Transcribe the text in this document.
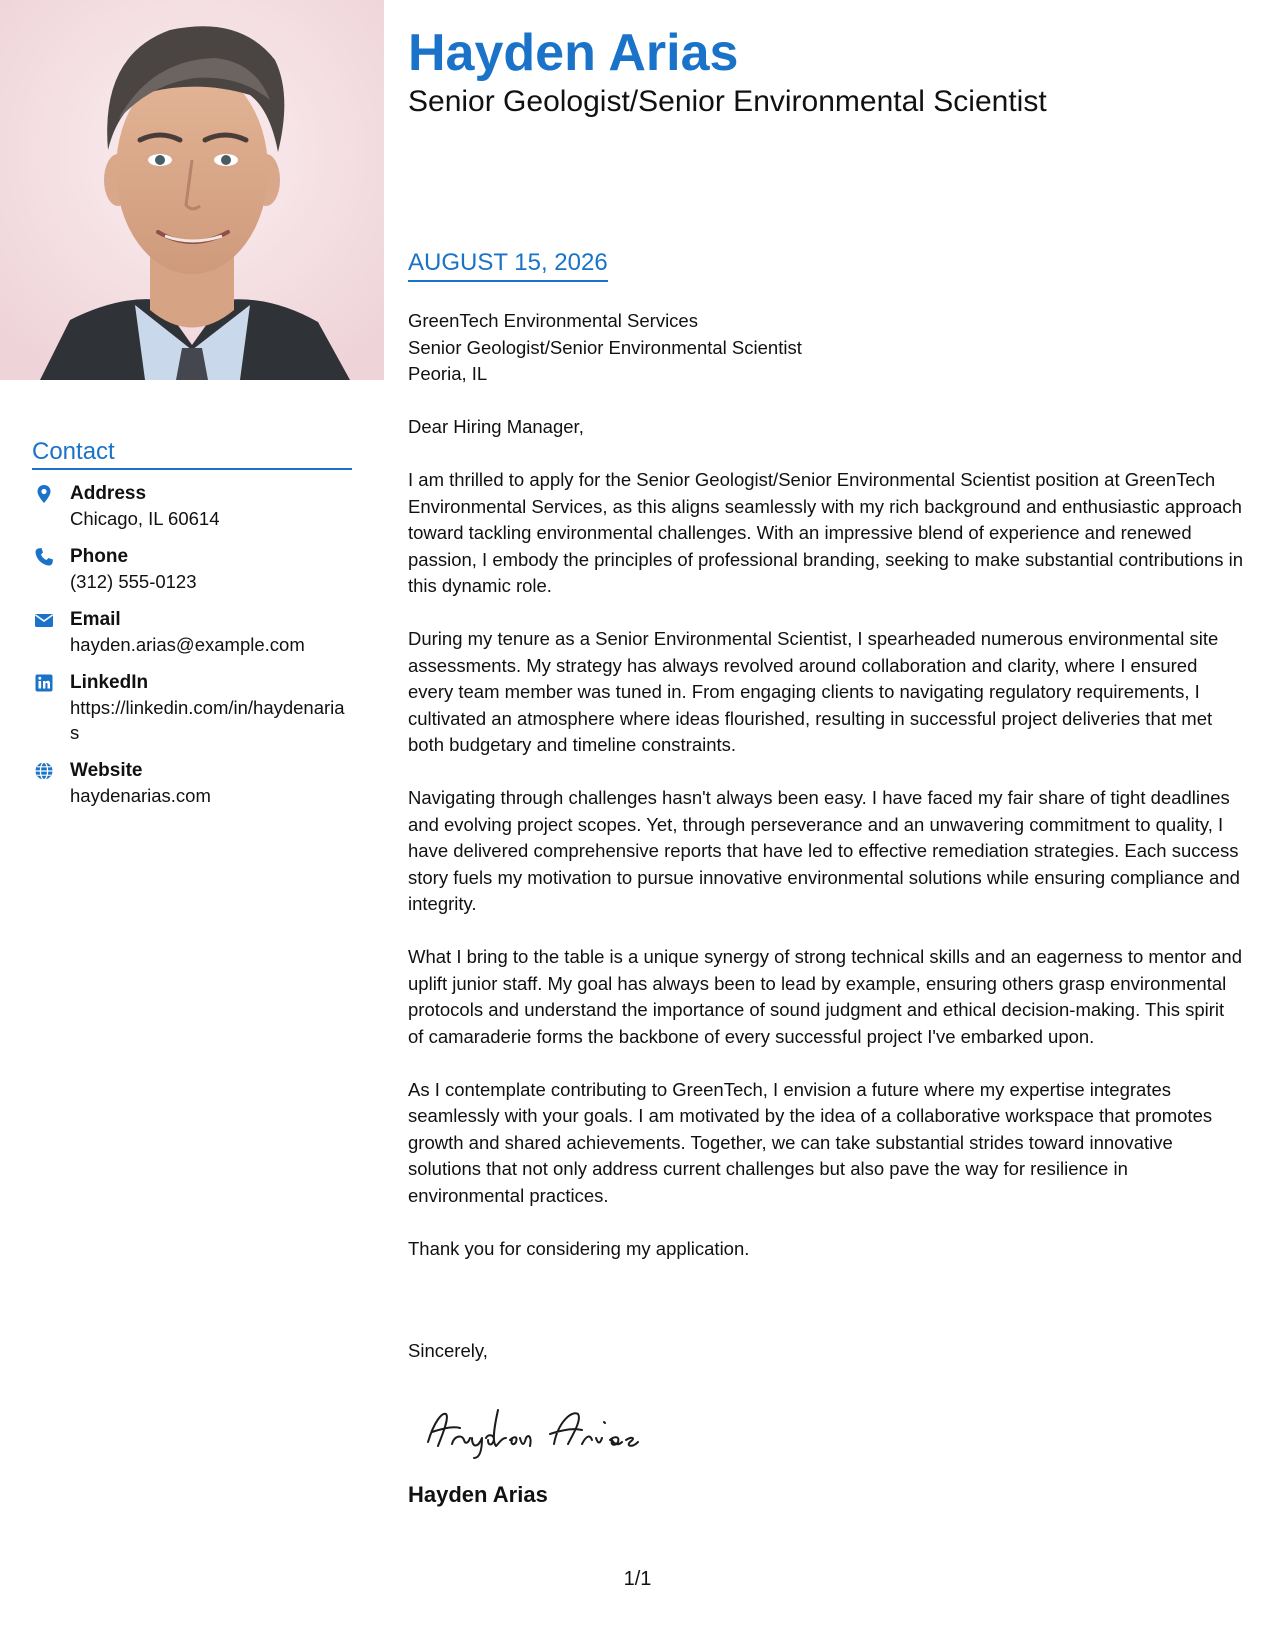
Contact
Address
Chicago, IL 60614
Phone
(312) 555-0123
Email
hayden.arias@example.com
LinkedIn
https://linkedin.com/in/haydenarias
Website
haydenarias.com
Hayden Arias
Senior Geologist/Senior Environmental Scientist
AUGUST 15, 2026
GreenTech Environmental Services
Senior Geologist/Senior Environmental Scientist
Peoria, IL

Dear Hiring Manager,

I am thrilled to apply for the Senior Geologist/Senior Environmental Scientist position at GreenTech Environmental Services, as this aligns seamlessly with my rich background and enthusiastic approach toward tackling environmental challenges. With an impressive blend of experience and renewed passion, I embody the principles of professional branding, seeking to make substantial contributions in this dynamic role.

During my tenure as a Senior Environmental Scientist, I spearheaded numerous environmental site assessments. My strategy has always revolved around collaboration and clarity, where I ensured every team member was tuned in. From engaging clients to navigating regulatory requirements, I cultivated an atmosphere where ideas flourished, resulting in successful project deliveries that met both budgetary and timeline constraints.

Navigating through challenges hasn't always been easy. I have faced my fair share of tight deadlines and evolving project scopes. Yet, through perseverance and an unwavering commitment to quality, I have delivered comprehensive reports that have led to effective remediation strategies. Each success story fuels my motivation to pursue innovative environmental solutions while ensuring compliance and integrity.

What I bring to the table is a unique synergy of strong technical skills and an eagerness to mentor and uplift junior staff. My goal has always been to lead by example, ensuring others grasp environmental protocols and understand the importance of sound judgment and ethical decision-making. This spirit of camaraderie forms the backbone of every successful project I've embarked upon.

As I contemplate contributing to GreenTech, I envision a future where my expertise integrates seamlessly with your goals. I am motivated by the idea of a collaborative workspace that promotes growth and shared achievements. Together, we can take substantial strides toward innovative solutions that not only address current challenges but also pave the way for resilience in environmental practices.

Thank you for considering my application.

Sincerely,
Hayden Arias
1/1
